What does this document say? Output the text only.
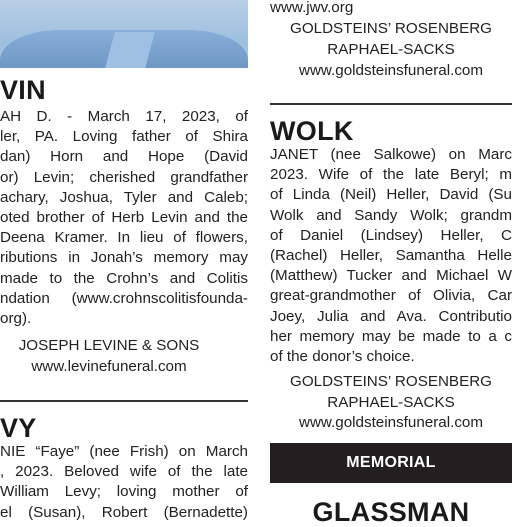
VIN
AH D. - March 17, 2023, of
ler, PA. Loving father of Shira
dan) Horn and Hope (David
or) Levin; cherished grandfather
achary, Joshua, Tyler and Caleb;
oted brother of Herb Levin and the
Deena Kramer. In lieu of flowers,
ributions in Jonah’s memory may
made to the Crohn’s and Colitis
ndation (www.crohnscolitisfounda-
org).
JOSEPH LEVINE & SONS
www.levinefuneral.com
VY
NIE “Faye” (nee Frish) on March
, 2023. Beloved wife of the late
William Levy; loving mother of
el (Susan), Robert (Bernadette)
www.jwv.org
GOLDSTEINS’ ROSENBERG
RAPHAEL-SACKS
www.goldsteinsfuneral.com
WOLK
JANET (nee Salkowe) on Marc
2023. Wife of the late Beryl; m
of Linda (Neil) Heller, David (Su
Wolk and Sandy Wolk; grandm
of Daniel (Lindsey) Heller, C
(Rachel) Heller, Samantha Helle
(Matthew) Tucker and Michael W
great-grandmother of Olivia, Car
Joey, Julia and Ava. Contributio
her memory may be made to a c
of the donor’s choice.
GOLDSTEINS’ ROSENBERG
RAPHAEL-SACKS
www.goldsteinsfuneral.com
MEMORIAL
GLASSMAN
